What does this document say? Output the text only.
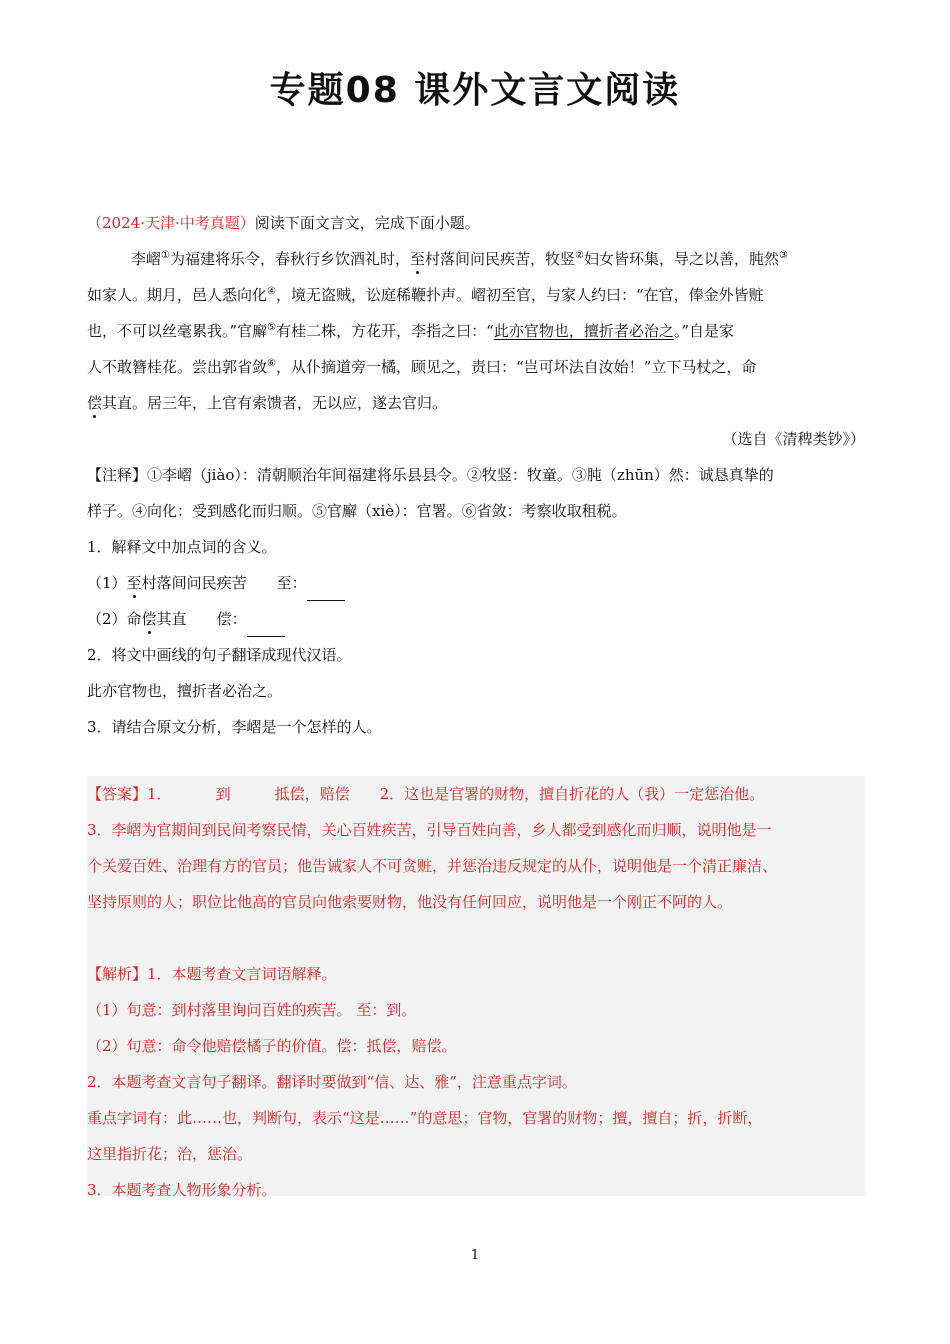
专题08 课外文言文阅读
（2024·天津·中考真题）阅读下面文言文，完成下面小题。
李嶍①为福建将乐令，春秋行乡饮酒礼时，至村落间问民疾苦，牧竖②妇女皆环集，导之以善，肫然③
如家人。期月，邑人悉向化④，境无盗贼，讼庭稀鞭扑声。嶍初至官，与家人约曰：“在官，俸金外皆赃
也，不可以丝毫累我。”官廨⑤有桂二株，方花开，李指之曰：“此亦官物也，擅折者必治之。”自是家
人不敢簪桂花。尝出郭省敛⑥，从仆摘道旁一橘，顾见之，责曰：“岂可坏法自汝始！”立下马杖之，命
偿其直。居三年，上官有索馈者，无以应，遂去官归。
（选自《清稗类钞》）
【注释】①李嶍（jiào）：清朝顺治年间福建将乐县县令。②牧竖：牧童。③肫（zhūn）然：诚恳真挚的
样子。④向化：受到感化而归顺。⑤官廨（xiè）：官署。⑥省敛：考察收取租税。
1．解释文中加点词的含义。
（1）至村落间问民疾苦 至：
（2）命偿其直 偿：
2．将文中画线的句子翻译成现代汉语。
此亦官物也，擅折者必治之。
3．请结合原文分析，李嶍是一个怎样的人。
【答案】1．	到	抵偿，赔偿 2．这也是官署的财物，擅自折花的人（我）一定惩治他。
3．李嶍为官期间到民间考察民情，关心百姓疾苦，引导百姓向善，乡人都受到感化而归顺，说明他是一
个关爱百姓、治理有方的官员；他告诫家人不可贪赃，并惩治违反规定的从仆，说明他是一个清正廉洁、
坚持原则的人；职位比他高的官员向他索要财物，他没有任何回应，说明他是一个刚正不阿的人。
【解析】1．本题考查文言词语解释。
（1）句意：到村落里询问百姓的疾苦。 至：到。
（2）句意：命令他赔偿橘子的价值。偿：抵偿，赔偿。
2．本题考查文言句子翻译。翻译时要做到“信、达、雅”，注意重点字词。
重点字词有：此……也，判断句，表示“这是……”的意思；官物，官署的财物；擅，擅自；折，折断，
这里指折花；治，惩治。
3．本题考查人物形象分析。
1
